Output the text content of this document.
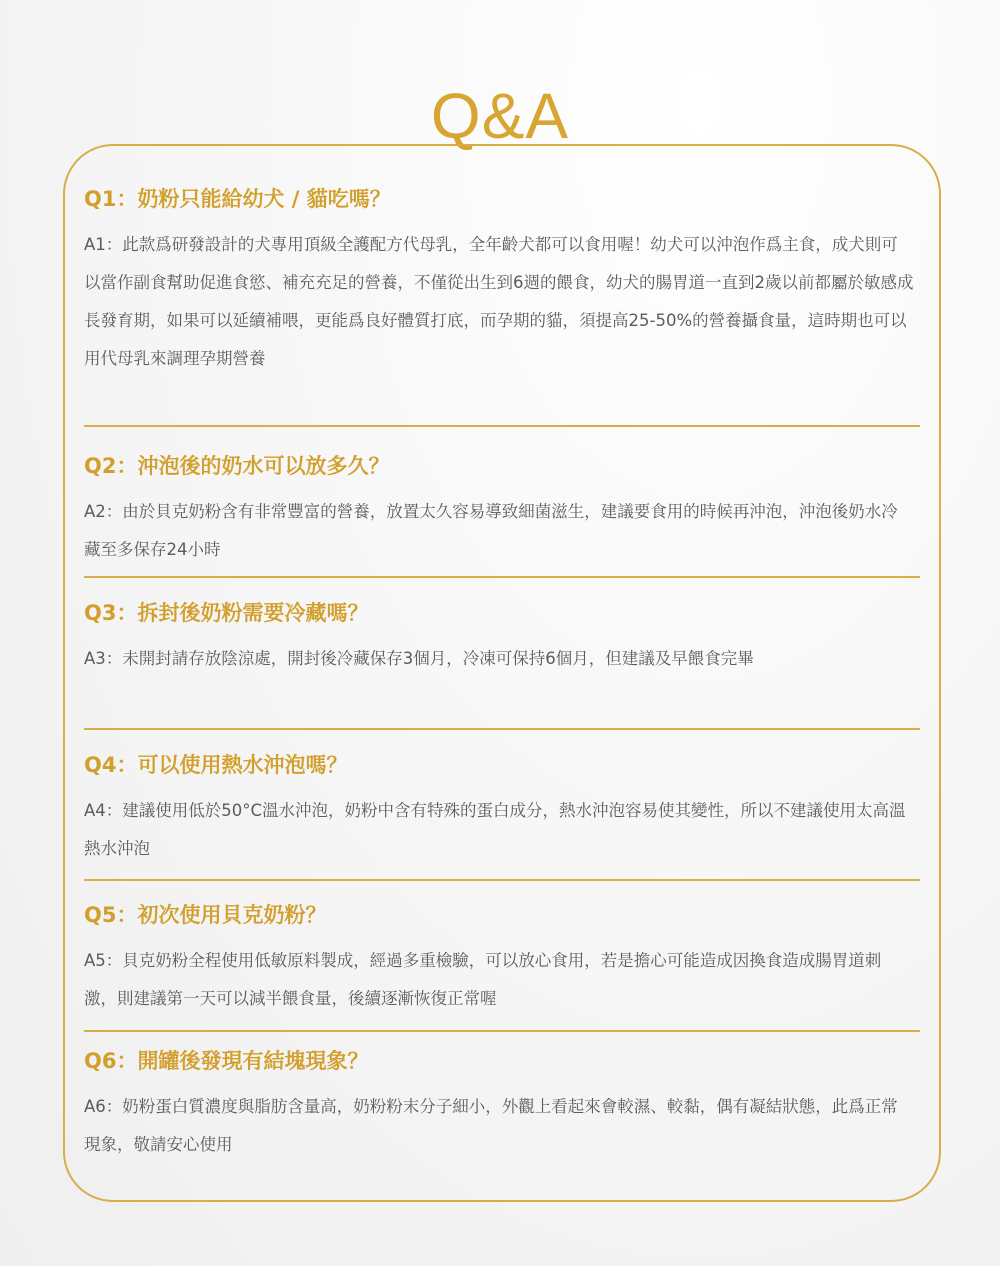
Q&A
Q1：奶粉只能給幼犬 / 貓吃嗎？
A1：此款爲研發設計的犬專用頂級全護配方代母乳，全年齡犬都可以食用喔！幼犬可以沖泡作爲主食，成犬則可以當作副食幫助促進食慾、補充充足的營養，不僅從出生到6週的餵食，幼犬的腸胃道一直到2歲以前都屬於敏感成長發育期，如果可以延續補喂，更能爲良好體質打底，而孕期的貓，須提高25-50%的營養攝食量，這時期也可以用代母乳來調理孕期營養
Q2：沖泡後的奶水可以放多久？
A2：由於貝克奶粉含有非常豐富的營養，放置太久容易導致細菌滋生，建議要食用的時候再沖泡，沖泡後奶水冷藏至多保存24小時
Q3：拆封後奶粉需要冷藏嗎？
A3：未開封請存放陰涼處，開封後冷藏保存3個月，冷凍可保持6個月，但建議及早餵食完畢
Q4：可以使用熱水沖泡嗎？
A4：建議使用低於50°C溫水沖泡，奶粉中含有特殊的蛋白成分，熱水沖泡容易使其變性，所以不建議使用太高溫熱水沖泡
Q5：初次使用貝克奶粉？
A5：貝克奶粉全程使用低敏原料製成，經過多重檢驗，可以放心食用，若是擔心可能造成因換食造成腸胃道刺激，則建議第一天可以減半餵食量，後續逐漸恢復正常喔
Q6：開罐後發現有結塊現象？
A6：奶粉蛋白質濃度與脂肪含量高，奶粉粉末分子細小，外觀上看起來會較濕、較黏，偶有凝結狀態，此爲正常現象，敬請安心使用
